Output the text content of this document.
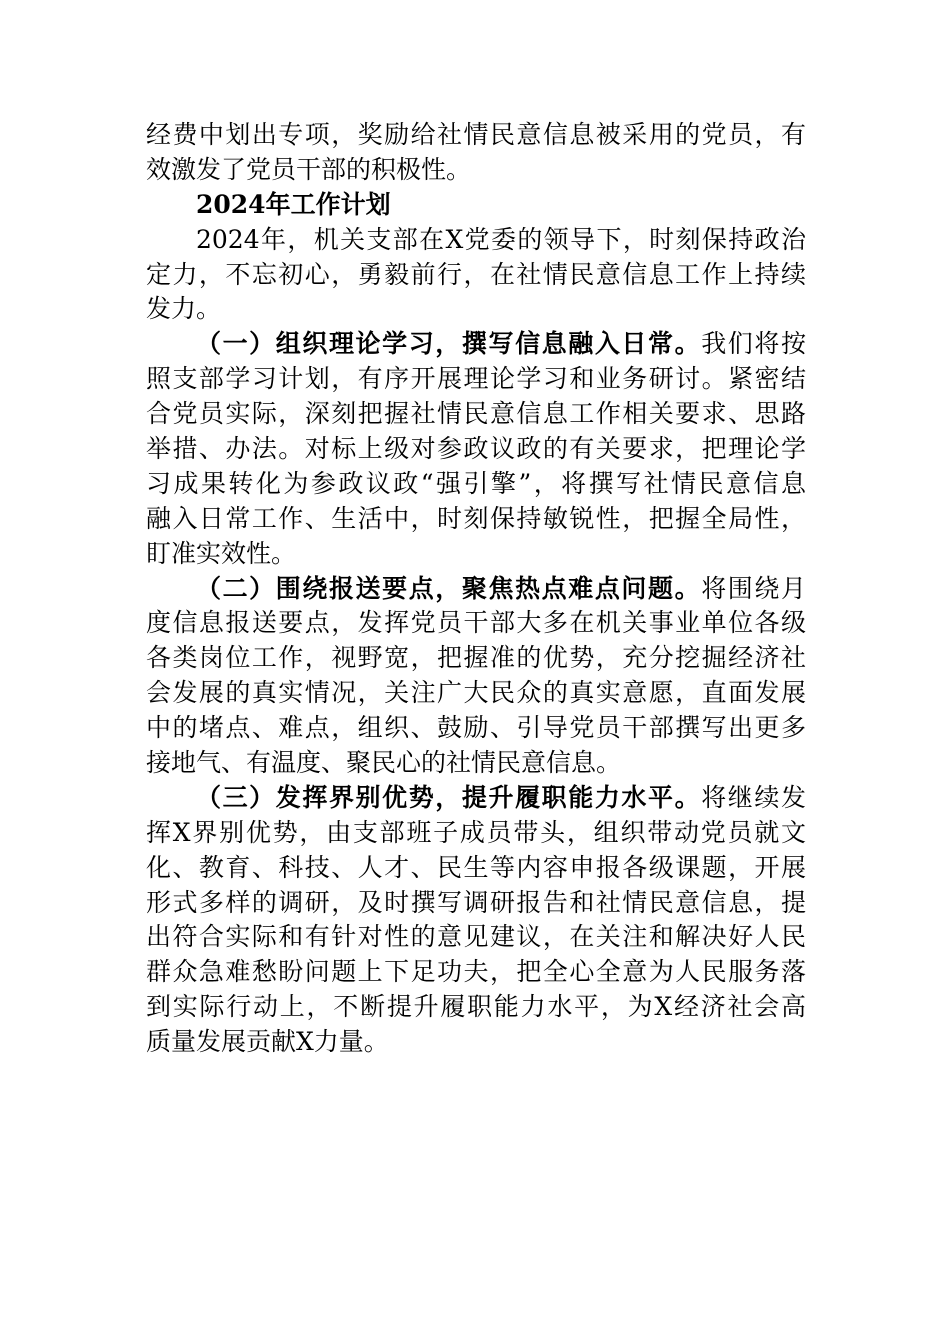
经费中划出专项，奖励给社情民意信息被采用的党员，有
效激发了党员干部的积极性。
2024年工作计划
2024年，机关支部在X党委的领导下，时刻保持政治
定力，不忘初心，勇毅前行，在社情民意信息工作上持续
发力。
（一）组织理论学习，撰写信息融入日常。我们将按
照支部学习计划，有序开展理论学习和业务研讨。紧密结
合党员实际，深刻把握社情民意信息工作相关要求、思路
举措、办法。对标上级对参政议政的有关要求，把理论学
习成果转化为参政议政“强引擎”，将撰写社情民意信息
融入日常工作、生活中，时刻保持敏锐性，把握全局性，
盯准实效性。
（二）围绕报送要点，聚焦热点难点问题。将围绕月
度信息报送要点，发挥党员干部大多在机关事业单位各级
各类岗位工作，视野宽，把握准的优势，充分挖掘经济社
会发展的真实情况，关注广大民众的真实意愿，直面发展
中的堵点、难点，组织、鼓励、引导党员干部撰写出更多
接地气、有温度、聚民心的社情民意信息。
（三）发挥界别优势，提升履职能力水平。将继续发
挥X界别优势，由支部班子成员带头，组织带动党员就文
化、教育、科技、人才、民生等内容申报各级课题，开展
形式多样的调研，及时撰写调研报告和社情民意信息，提
出符合实际和有针对性的意见建议，在关注和解决好人民
群众急难愁盼问题上下足功夫，把全心全意为人民服务落
到实际行动上，不断提升履职能力水平，为X经济社会高
质量发展贡献X力量。
